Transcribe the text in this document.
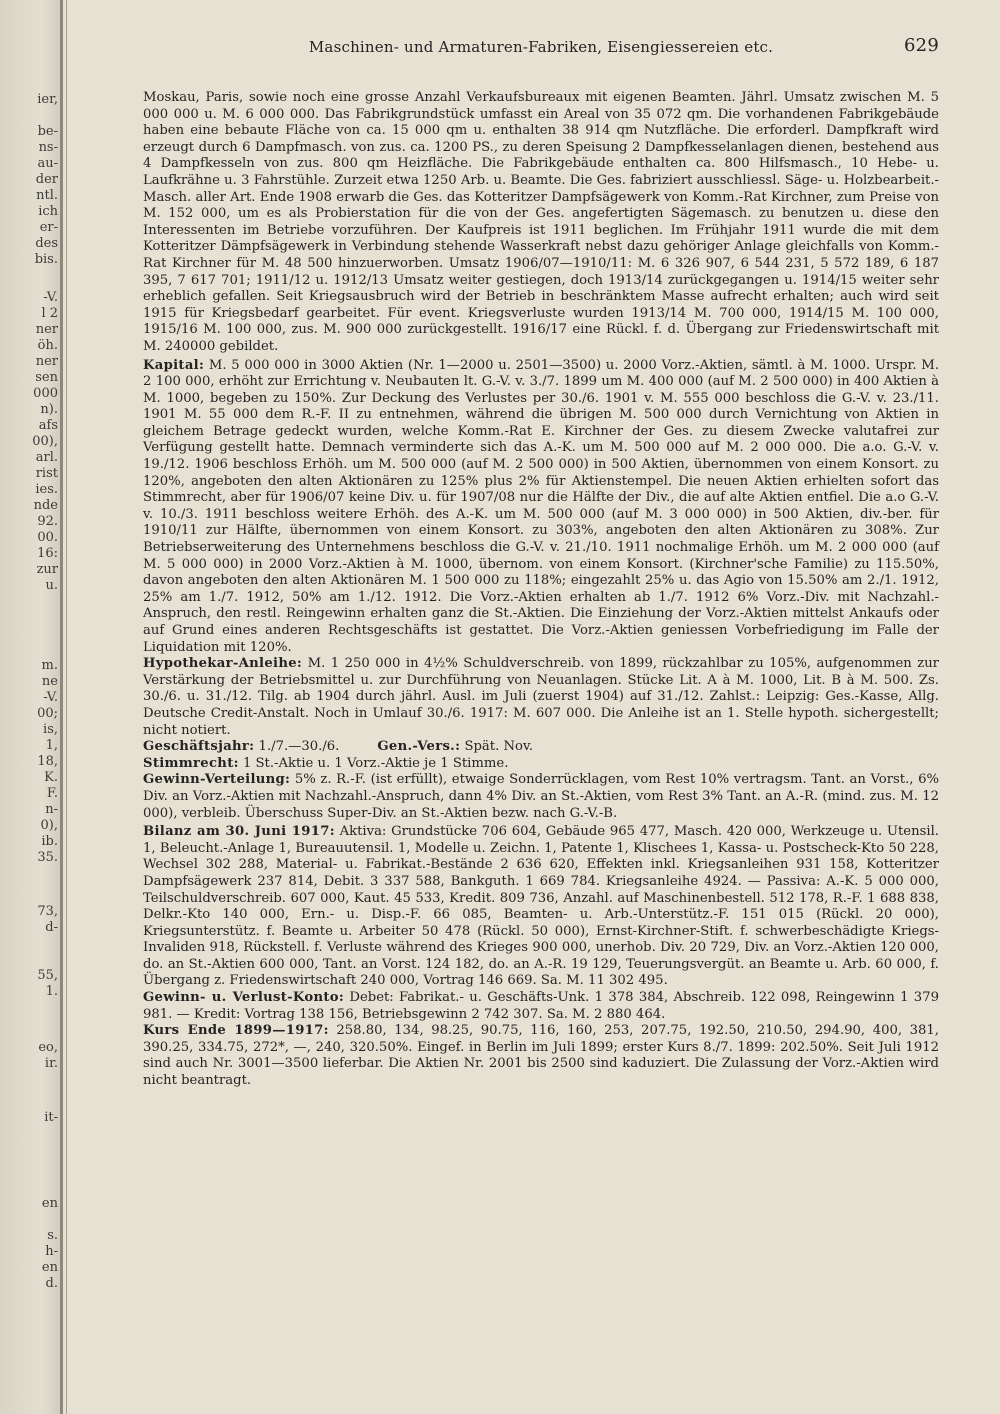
ier,
be-
ns-
au-
der
ntl.
ich
er-
des
bis.
-V.
l 2
ner
öh.
ner
sen
000
n).
afs
00),
arl.
rist
ies.
nde
92.
00.
16:
zur
u.
m.
ne
-V.
00;
is,
1,
18,
K.
F.
n-
0),
ib.
35.
73,
d-
55,
1.
eo,
ir.
it-
en
s.
h-
en
d.
Maschinen- und Armaturen-Fabriken, Eisengiessereien etc.	629

Moskau, Paris, sowie noch eine grosse Anzahl Verkaufsbureaux mit eigenen Beamten. Jährl. Umsatz zwischen M. 5 000 000 u. M. 6 000 000. Das Fabrikgrundstück umfasst ein Areal von 35 072 qm. Die vorhandenen Fabrikgebäude haben eine bebaute Fläche von ca. 15 000 qm u. enthalten 38 914 qm Nutzfläche. Die erforderl. Dampfkraft wird erzeugt durch 6 Dampfmasch. von zus. ca. 1200 PS., zu deren Speisung 2 Dampfkesselanlagen dienen, bestehend aus 4 Dampfkesseln von zus. 800 qm Heizfläche. Die Fabrikgebäude enthalten ca. 800 Hilfsmasch., 10 Hebe- u. Laufkrähne u. 3 Fahrstühle. Zurzeit etwa 1250 Arb. u. Beamte. Die Ges. fabriziert ausschliessl. Säge- u. Holzbearbeit.-Masch. aller Art. Ende 1908 erwarb die Ges. das Kotteritzer Dampfsägewerk von Komm.-Rat Kirchner, zum Preise von M. 152 000, um es als Probierstation für die von der Ges. angefertigten Sägemasch. zu benutzen u. diese den Interessenten im Betriebe vorzuführen. Der Kaufpreis ist 1911 beglichen. Im Frühjahr 1911 wurde die mit dem Kotteritzer Dämpfsägewerk in Verbindung stehende Wasserkraft nebst dazu gehöriger Anlage gleichfalls von Komm.-Rat Kirchner für M. 48 500 hinzuerworben. Umsatz 1906/07—1910/11: M. 6 326 907, 6 544 231, 5 572 189, 6 187 395, 7 617 701; 1911/12 u. 1912/13 Umsatz weiter gestiegen, doch 1913/14 zurückgegangen u. 1914/15 weiter sehr erheblich gefallen. Seit Kriegsausbruch wird der Betrieb in beschränktem Masse aufrecht erhalten; auch wird seit 1915 für Kriegsbedarf gearbeitet. Für event. Kriegsverluste wurden 1913/14 M. 700 000, 1914/15 M. 100 000, 1915/16 M. 100 000, zus. M. 900 000 zurückgestellt. 1916/17 eine Rückl. f. d. Übergang zur Friedenswirtschaft mit M. 240000 gebildet.

Kapital: M. 5 000 000 in 3000 Aktien (Nr. 1—2000 u. 2501—3500) u. 2000 Vorz.-Aktien, sämtl. à M. 1000. Urspr. M. 2 100 000, erhöht zur Errichtung v. Neubauten lt. G.-V. v. 3./7. 1899 um M. 400 000 (auf M. 2 500 000) in 400 Aktien à M. 1000, begeben zu 150%. Zur Deckung des Verlustes per 30./6. 1901 v. M. 555 000 beschloss die G.-V. v. 23./11. 1901 M. 55 000 dem R.-F. II zu entnehmen, während die übrigen M. 500 000 durch Vernichtung von Aktien in gleichem Betrage gedeckt wurden, welche Komm.-Rat E. Kirchner der Ges. zu diesem Zwecke valutafrei zur Verfügung gestellt hatte. Demnach verminderte sich das A.-K. um M. 500 000 auf M. 2 000 000. Die a.o. G.-V. v. 19./12. 1906 beschloss Erhöh. um M. 500 000 (auf M. 2 500 000) in 500 Aktien, übernommen von einem Konsort. zu 120%, angeboten den alten Aktionären zu 125% plus 2% für Aktienstempel. Die neuen Aktien erhielten sofort das Stimmrecht, aber für 1906/07 keine Div. u. für 1907/08 nur die Hälfte der Div., die auf alte Aktien entfiel. Die a.o G.-V. v. 10./3. 1911 beschloss weitere Erhöh. des A.-K. um M. 500 000 (auf M. 3 000 000) in 500 Aktien, div.-ber. für 1910/11 zur Hälfte, übernommen von einem Konsort. zu 303%, angeboten den alten Aktionären zu 308%. Zur Betriebserweiterung des Unternehmens beschloss die G.-V. v. 21./10. 1911 nochmalige Erhöh. um M. 2 000 000 (auf M. 5 000 000) in 2000 Vorz.-Aktien à M. 1000, übernom. von einem Konsort. (Kirchner'sche Familie) zu 115.50%, davon angeboten den alten Aktionären M. 1 500 000 zu 118%; eingezahlt 25% u. das Agio von 15.50% am 2./1. 1912, 25% am 1./7. 1912, 50% am 1./12. 1912. Die Vorz.-Aktien erhalten ab 1./7. 1912 6% Vorz.-Div. mit Nachzahl.-Anspruch, den restl. Reingewinn erhalten ganz die St.-Aktien. Die Einziehung der Vorz.-Aktien mittelst Ankaufs oder auf Grund eines anderen Rechtsgeschäfts ist gestattet. Die Vorz.-Aktien geniessen Vorbefriedigung im Falle der Liquidation mit 120%.

Hypothekar-Anleihe: M. 1 250 000 in 4½% Schuldverschreib. von 1899, rückzahlbar zu 105%, aufgenommen zur Verstärkung der Betriebsmittel u. zur Durchführung von Neuanlagen. Stücke Lit. A à M. 1000, Lit. B à M. 500. Zs. 30./6. u. 31./12. Tilg. ab 1904 durch jährl. Ausl. im Juli (zuerst 1904) auf 31./12. Zahlst.: Leipzig: Ges.-Kasse, Allg. Deutsche Credit-Anstalt. Noch in Umlauf 30./6. 1917: M. 607 000. Die Anleihe ist an 1. Stelle hypoth. sichergestellt; nicht notiert.

Geschäftsjahr: 1./7.—30./6.	Gen.-Vers.: Spät. Nov.

Stimmrecht: 1 St.-Aktie u. 1 Vorz.-Aktie je 1 Stimme.

Gewinn-Verteilung: 5% z. R.-F. (ist erfüllt), etwaige Sonderrücklagen, vom Rest 10% vertragsm. Tant. an Vorst., 6% Div. an Vorz.-Aktien mit Nachzahl.-Anspruch, dann 4% Div. an St.-Aktien, vom Rest 3% Tant. an A.-R. (mind. zus. M. 12 000), verbleib. Überschuss Super-Div. an St.-Aktien bezw. nach G.-V.-B.

Bilanz am 30. Juni 1917: Aktiva: Grundstücke 706 604, Gebäude 965 477, Masch. 420 000, Werkzeuge u. Utensil. 1, Beleucht.-Anlage 1, Bureauutensil. 1, Modelle u. Zeichn. 1, Patente 1, Klischees 1, Kassa- u. Postscheck-Kto 50 228, Wechsel 302 288, Material- u. Fabrikat.-Bestände 2 636 620, Effekten inkl. Kriegsanleihen 931 158, Kotteritzer Dampfsägewerk 237 814, Debit. 3 337 588, Bankguth. 1 669 784. Kriegsanleihe 4924. — Passiva: A.-K. 5 000 000, Teilschuldverschreib. 607 000, Kaut. 45 533, Kredit. 809 736, Anzahl. auf Maschinenbestell. 512 178, R.-F. 1 688 838, Delkr.-Kto 140 000, Ern.- u. Disp.-F. 66 085, Beamten- u. Arb.-Unterstütz.-F. 151 015 (Rückl. 20 000), Kriegsunterstütz. f. Beamte u. Arbeiter 50 478 (Rückl. 50 000), Ernst-Kirchner-Stift. f. schwerbeschädigte Kriegs-Invaliden 918, Rückstell. f. Verluste während des Krieges 900 000, unerhob. Div. 20 729, Div. an Vorz.-Aktien 120 000, do. an St.-Aktien 600 000, Tant. an Vorst. 124 182, do. an A.-R. 19 129, Teuerungsvergüt. an Beamte u. Arb. 60 000, f. Übergang z. Friedenswirtschaft 240 000, Vortrag 146 669. Sa. M. 11 302 495.

Gewinn- u. Verlust-Konto: Debet: Fabrikat.- u. Geschäfts-Unk. 1 378 384, Abschreib. 122 098, Reingewinn 1 379 981. — Kredit: Vortrag 138 156, Betriebsgewinn 2 742 307. Sa. M. 2 880 464.

Kurs Ende 1899—1917: 258.80, 134, 98.25, 90.75, 116, 160, 253, 207.75, 192.50, 210.50, 294.90, 400, 381, 390.25, 334.75, 272*, —, 240, 320.50%. Eingef. in Berlin im Juli 1899; erster Kurs 8./7. 1899: 202.50%. Seit Juli 1912 sind auch Nr. 3001—3500 lieferbar. Die Aktien Nr. 2001 bis 2500 sind kaduziert. Die Zulassung der Vorz.-Aktien wird nicht beantragt.
